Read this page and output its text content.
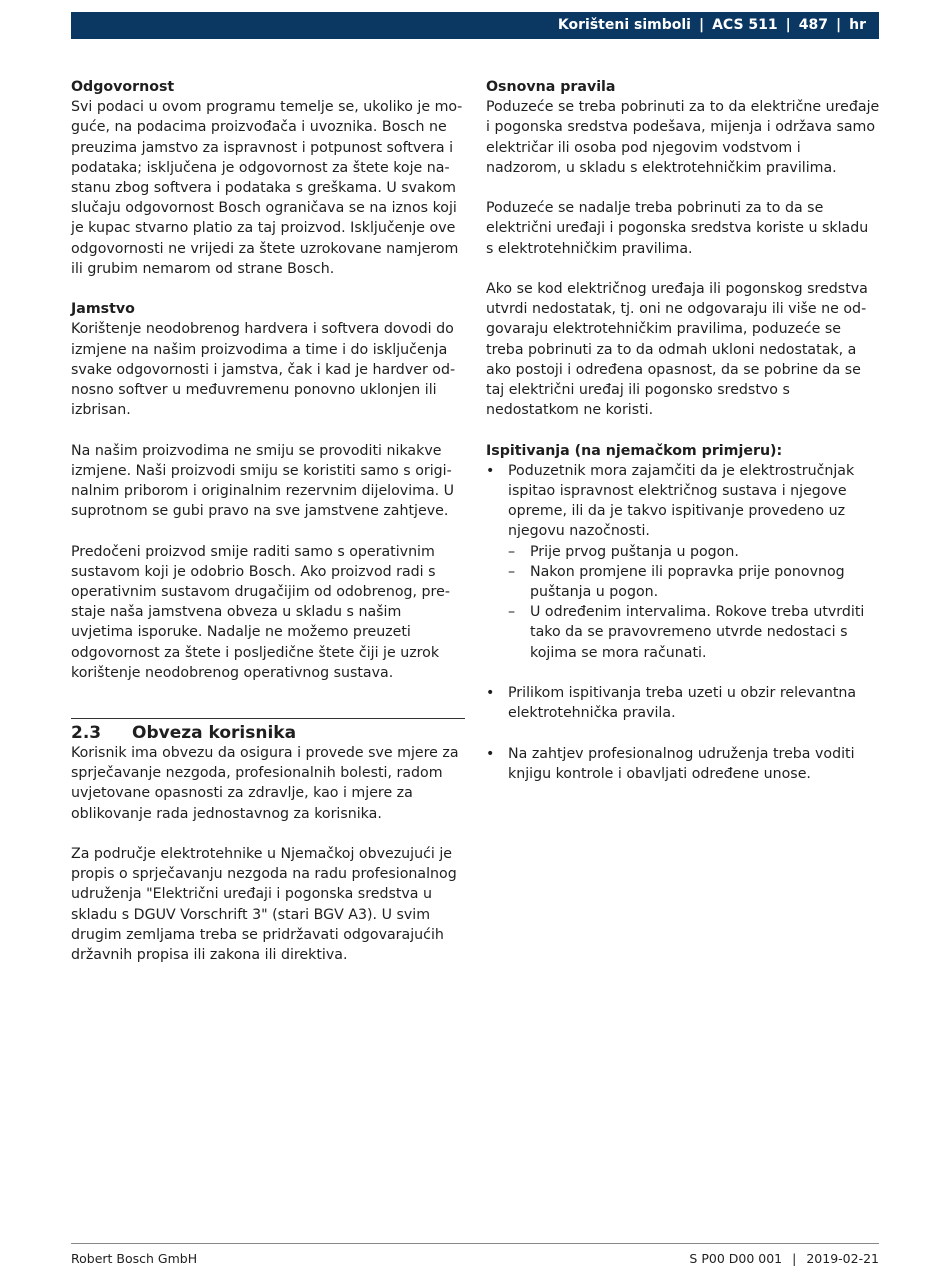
Korišteni simboli | ACS 511 | 487 | hr

Odgovornost

Svi podaci u ovom programu temelje se, ukoliko je moguće, na podacima proizvođača i uvoznika. Bosch ne preuzima jamstvo za ispravnost i potpunost softvera i podataka; isključena je odgovornost za štete koje nastanu zbog softvera i podataka s greškama. U svakom slučaju odgovornost Bosch ograničava se na iznos koji je kupac stvarno platio za taj proizvod. Isključenje ove odgovornosti ne vrijedi za štete uzrokovane namjerom ili grubim nemarom od strane Bosch.

Jamstvo

Korištenje neodobrenog hardvera i softvera dovodi do izmjene na našim proizvodima a time i do isključenja svake odgovornosti i jamstva, čak i kad je hardver odnosno softver u međuvremenu ponovno uklonjen ili izbrisan.

Na našim proizvodima ne smiju se provoditi nikakve izmjene. Naši proizvodi smiju se koristiti samo s originalnim priborom i originalnim rezervnim dijelovima. U suprotnom se gubi pravo na sve jamstvene zahtjeve.

Predočeni proizvod smije raditi samo s operativnim sustavom koji je odobrio Bosch. Ako proizvod radi s operativnim sustavom drugačijim od odobrenog, prestaje naša jamstvena obveza u skladu s našim uvjetima isporuke. Nadalje ne možemo preuzeti odgovornost za štete i posljedične štete čiji je uzrok korištenje neodobrenog operativnog sustava.

2.3 Obveza korisnika

Korisnik ima obvezu da osigura i provede sve mjere za sprječavanje nezgoda, profesionalnih bolesti, radom uvjetovane opasnosti za zdravlje, kao i mjere za oblikovanje rada jednostavnog za korisnika.

Za područje elektrotehnike u Njemačkoj obvezujući je propis o sprječavanju nezgoda na radu profesionalnog udruženja "Električni uređaji i pogonska sredstva u skladu s DGUV Vorschrift 3" (stari BGV A3). U svim drugim zemljama treba se pridržavati odgovarajućih državnih propisa ili zakona ili direktiva.

Osnovna pravila

Poduzeće se treba pobrinuti za to da električne uređaje i pogonska sredstva podešava, mijenja i održava samo električar ili osoba pod njegovim vodstvom i nadzorom, u skladu s elektrotehničkim pravilima.

Poduzeće se nadalje treba pobrinuti za to da se električni uređaji i pogonska sredstva koriste u skladu s elektrotehničkim pravilima.

Ako se kod električnog uređaja ili pogonskog sredstva utvrdi nedostatak, tj. oni ne odgovaraju ili više ne odgovaraju elektrotehničkim pravilima, poduzeće se treba pobrinuti za to da odmah ukloni nedostatak, a ako postoji i određena opasnost, da se pobrine da se taj električni uređaj ili pogonsko sredstvo s nedostatkom ne koristi.

Ispitivanja (na njemačkom primjeru):

• Poduzetnik mora zajamčiti da je elektrostručnjak ispitao ispravnost električnog sustava i njegove opreme, ili da je takvo ispitivanje provedeno uz njegovu nazočnosti.
– Prije prvog puštanja u pogon.
– Nakon promjene ili popravka prije ponovnog puštanja u pogon.
– U određenim intervalima. Rokove treba utvrditi tako da se pravovremeno utvrde nedostaci s kojima se mora računati.
• Prilikom ispitivanja treba uzeti u obzir relevantna elektrotehnička pravila.
• Na zahtjev profesionalnog udruženja treba voditi knjigu kontrole i obavljati određene unose.
Robert Bosch GmbH	S P00 D00 001 | 2019-02-21
